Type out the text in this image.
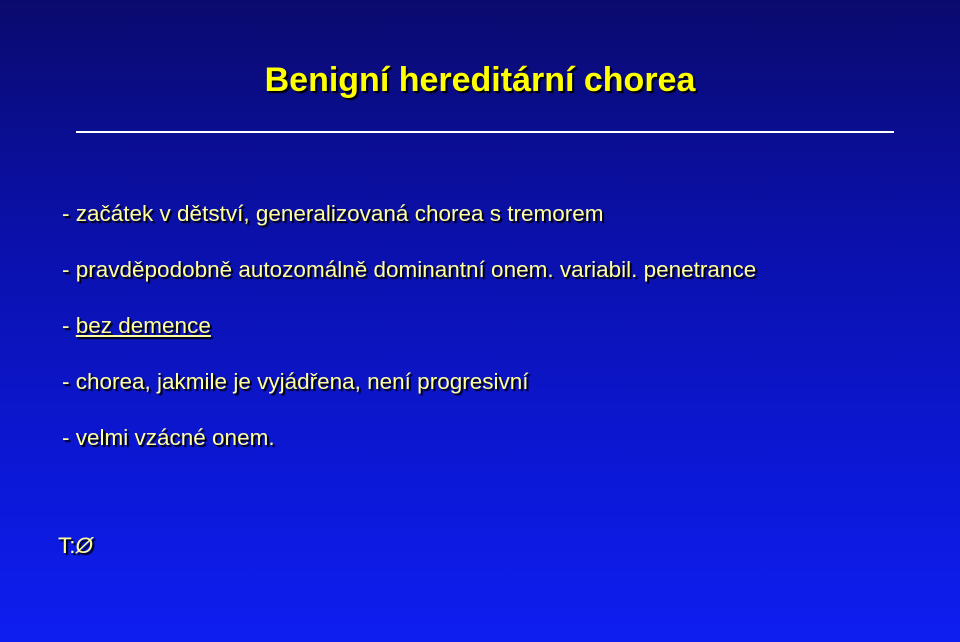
Benigní hereditární chorea
- začátek v dětství, generalizovaná chorea s tremorem
- pravděpodobně autozomálně dominantní onem. variabil. penetrance
- bez demence
- chorea, jakmile je vyjádřena, není progresivní
- velmi vzácné onem.
T:Ø
